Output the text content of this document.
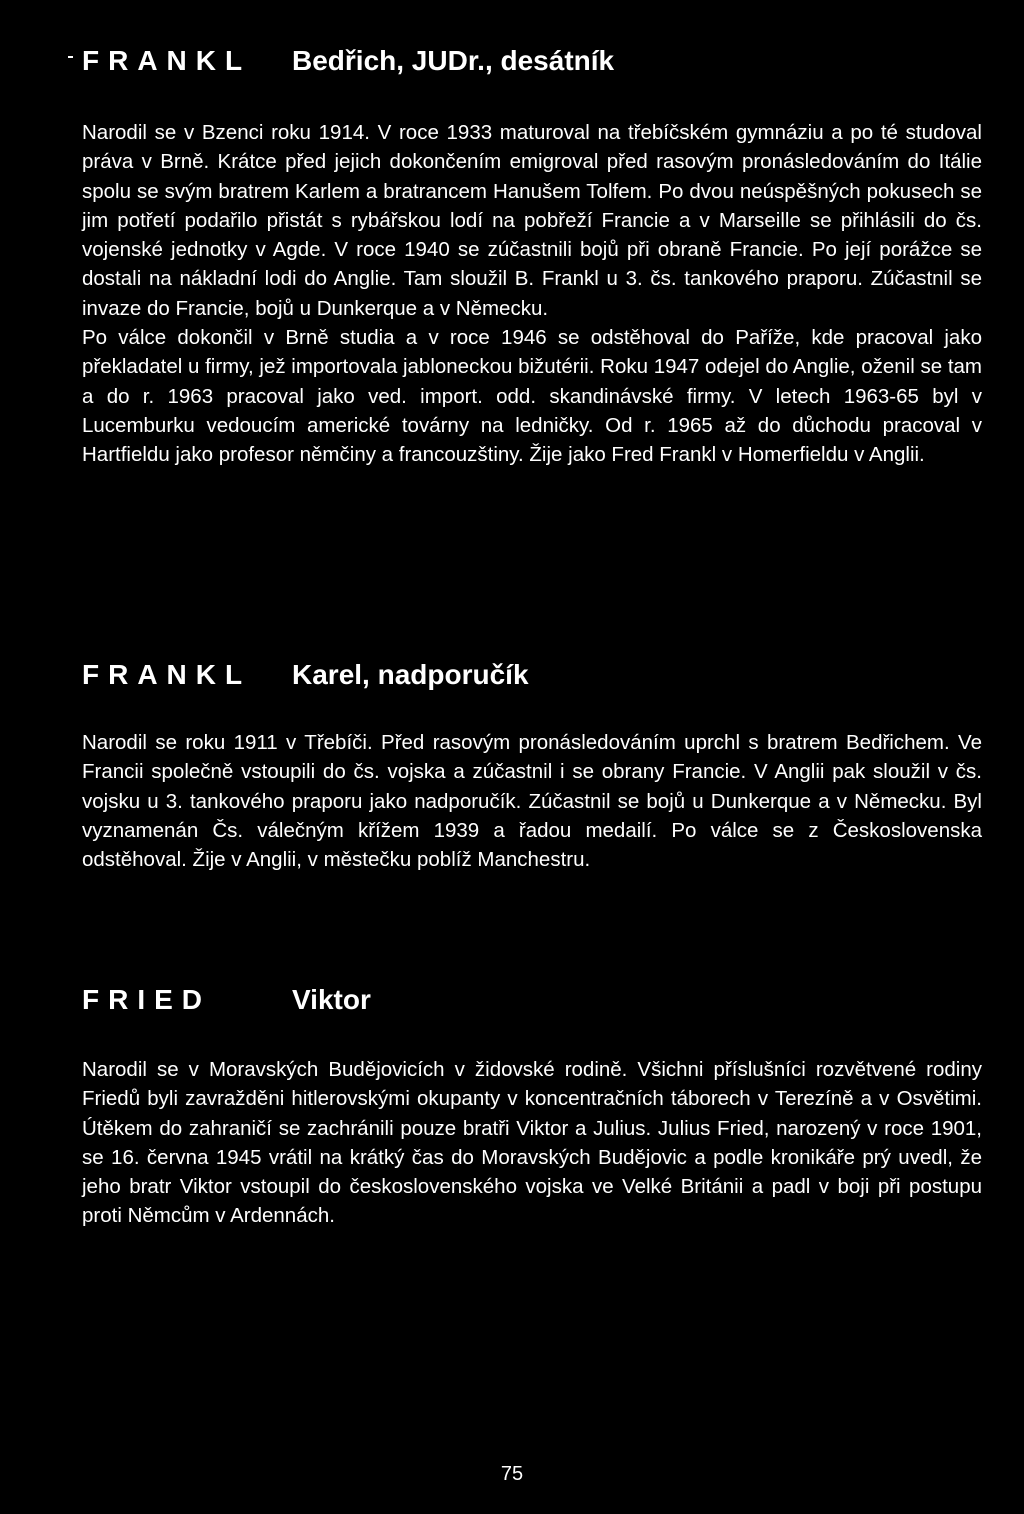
FRANKL Bedřich, JUDr., desátník

Narodil se v Bzenci roku 1914. V roce 1933 maturoval na třebíčském gymnáziu a po té studoval práva v Brně. Krátce před jejich dokončením emigroval před rasovým pronásledováním do Itálie spolu se svým bratrem Karlem a bratrancem Hanušem Tolfem. Po dvou neúspěšných pokusech se jim potřetí podařilo přistát s rybářskou lodí na pobřeží Francie a v Marseille se přihlásili do čs. vojenské jednotky v Agde. V roce 1940 se zúčastnili bojů při obraně Francie. Po její porážce se dostali na nákladní lodi do Anglie. Tam sloužil B. Frankl u 3. čs. tankového praporu. Zúčastnil se invaze do Francie, bojů u Dunkerque a v Německu.

Po válce dokončil v Brně studia a v roce 1946 se odstěhoval do Paříže, kde pracoval jako překladatel u firmy, jež importovala jabloneckou bižutérii. Roku 1947 odejel do Anglie, oženil se tam a do r. 1963 pracoval jako ved. import. odd. skandinávské firmy. V letech 1963-65 byl v Lucemburku vedoucím americké továrny na ledničky. Od r. 1965 až do důchodu pracoval v Hartfieldu jako profesor němčiny a francouzštiny. Žije jako Fred Frankl v Homerfieldu v Anglii.

FRANKL Karel, nadporučík

Narodil se roku 1911 v Třebíči. Před rasovým pronásledováním uprchl s bratrem Bedřichem. Ve Francii společně vstoupili do čs. vojska a zúčastnil i se obrany Francie. V Anglii pak sloužil v čs. vojsku u 3. tankového praporu jako nadporučík. Zúčastnil se bojů u Dunkerque a v Německu. Byl vyznamenán Čs. válečným křížem 1939 a řadou medailí. Po válce se z Československa odstěhoval. Žije v Anglii, v městečku poblíž Manchestru.

FRIED	Viktor

Narodil se v Moravských Budějovicích v židovské rodině. Všichni příslušníci rozvětvené rodiny Friedů byli zavražděni hitlerovskými okupanty v koncentračních táborech v Terezíně a v Osvětimi. Útěkem do zahraničí se zachránili pouze bratři Viktor a Julius. Julius Fried, narozený v roce 1901, se 16. června 1945 vrátil na krátký čas do Moravských Budějovic a podle kronikáře prý uvedl, že jeho bratr Viktor vstoupil do československého vojska ve Velké Británii a padl v boji při postupu proti Němcům v Ardennách.

75
